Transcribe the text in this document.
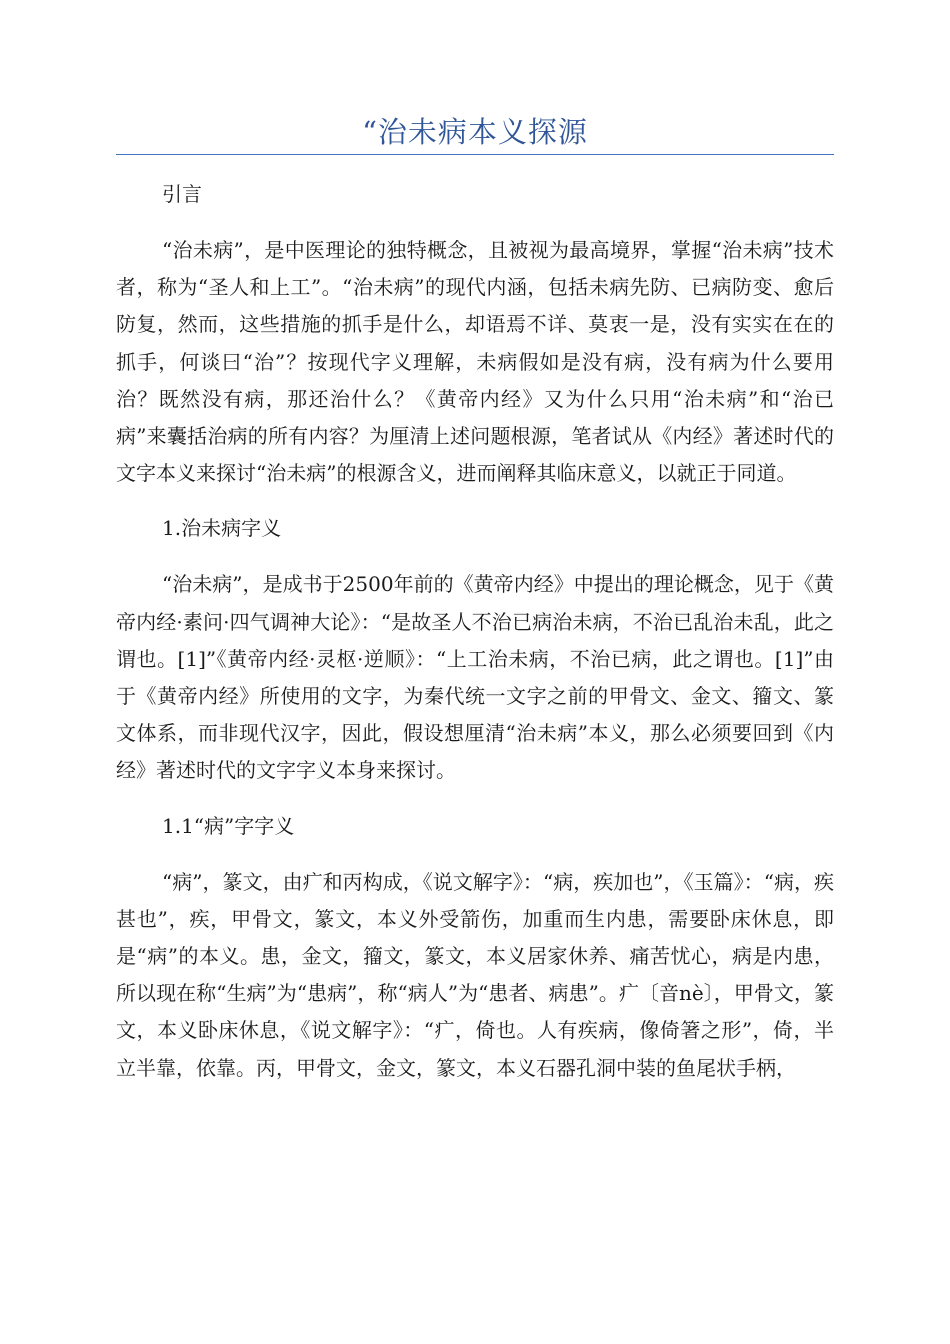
“治未病本义探源

引言

“治未病”，是中医理论的独特概念，且被视为最高境界，掌握“治未病”技术者，称为“圣人和上工”。“治未病”的现代内涵，包括未病先防、已病防变、愈后防复，然而，这些措施的抓手是什么，却语焉不详、莫衷一是，没有实实在在的抓手，何谈曰“治”？按现代字义理解，未病假如是没有病，没有病为什么要用治？既然没有病，那还治什么？《黄帝内经》又为什么只用“治未病”和“治已病”来囊括治病的所有内容？为厘清上述问题根源，笔者试从《内经》著述时代的文字本义来探讨“治未病”的根源含义，进而阐释其临床意义，以就正于同道。

1.治未病字义

“治未病”，是成书于2500年前的《黄帝内经》中提出的理论概念，见于《黄帝内经·素问·四气调神大论》：“是故圣人不治已病治未病，不治已乱治未乱，此之谓也。[1]”《黄帝内经·灵枢·逆顺》：“上工治未病，不治已病，此之谓也。[1]”由于《黄帝内经》所使用的文字，为秦代统一文字之前的甲骨文、金文、籀文、篆文体系，而非现代汉字，因此，假设想厘清“治未病”本义，那么必须要回到《内经》著述时代的文字字义本身来探讨。

1.1“病”字字义

“病”，篆文，由疒和丙构成，《说文解字》：“病，疾加也”，《玉篇》：“病，疾甚也”，疾，甲骨文，篆文，本义外受箭伤，加重而生内患，需要卧床休息，即是“病”的本义。患，金文，籀文，篆文，本义居家休养、痛苦忧心，病是内患，所以现在称“生病”为“患病”，称“病人”为“患者、病患”。疒〔音nè〕，甲骨文，篆文，本义卧床休息，《说文解字》：“疒，倚也。人有疾病，像倚箸之形”，倚，半立半靠，依靠。丙，甲骨文，金文，篆文，本义石器孔洞中装的鱼尾状手柄，
